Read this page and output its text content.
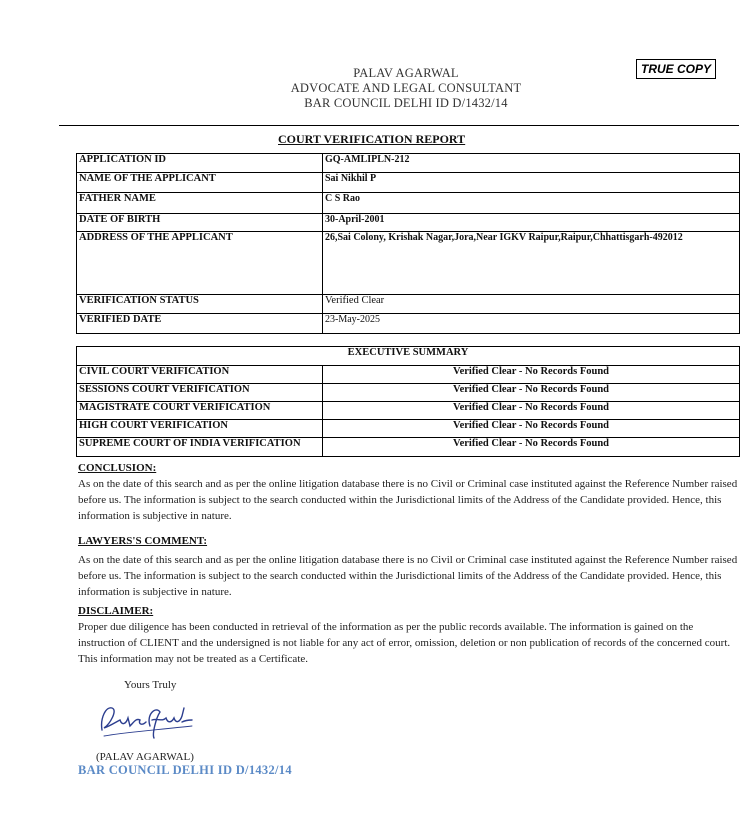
PALAV AGARWAL
ADVOCATE AND LEGAL CONSULTANT
BAR COUNCIL DELHI ID D/1432/14
TRUE COPY
COURT VERIFICATION REPORT
APPLICATION ID	GQ-AMLIPLN-212
NAME OF THE APPLICANT	Sai Nikhil P
FATHER NAME	C S Rao
DATE OF BIRTH	30-April-2001
ADDRESS OF THE APPLICANT	26,Sai Colony, Krishak Nagar,Jora,Near IGKV Raipur,Raipur,Chhattisgarh-492012
VERIFICATION STATUS	Verified Clear
VERIFIED DATE	23-May-2025
EXECUTIVE SUMMARY	
CIVIL COURT VERIFICATION	Verified Clear - No Records Found
SESSIONS COURT VERIFICATION	Verified Clear - No Records Found
MAGISTRATE COURT VERIFICATION	Verified Clear - No Records Found
HIGH COURT VERIFICATION	Verified Clear - No Records Found
SUPREME COURT OF INDIA VERIFICATION	Verified Clear - No Records Found
CONCLUSION:
As on the date of this search and as per the online litigation database there is no Civil or Criminal case instituted against the Reference Number raised before us. The information is subject to the search conducted within the Jurisdictional limits of the Address of the Candidate provided. Hence, this information is subjective in nature.
LAWYERS'S COMMENT:
As on the date of this search and as per the online litigation database there is no Civil or Criminal case instituted against the Reference Number raised before us. The information is subject to the search conducted within the Jurisdictional limits of the Address of the Candidate provided. Hence, this information is subjective in nature.
DISCLAIMER:
Proper due diligence has been conducted in retrieval of the information as per the public records available. The information is gained on the instruction of CLIENT and the undersigned is not liable for any act of error, omission, deletion or non publication of records of the concerned court. This information may not be treated as a Certificate.
Yours Truly
(PALAV AGARWAL)
BAR COUNCIL DELHI ID D/1432/14
